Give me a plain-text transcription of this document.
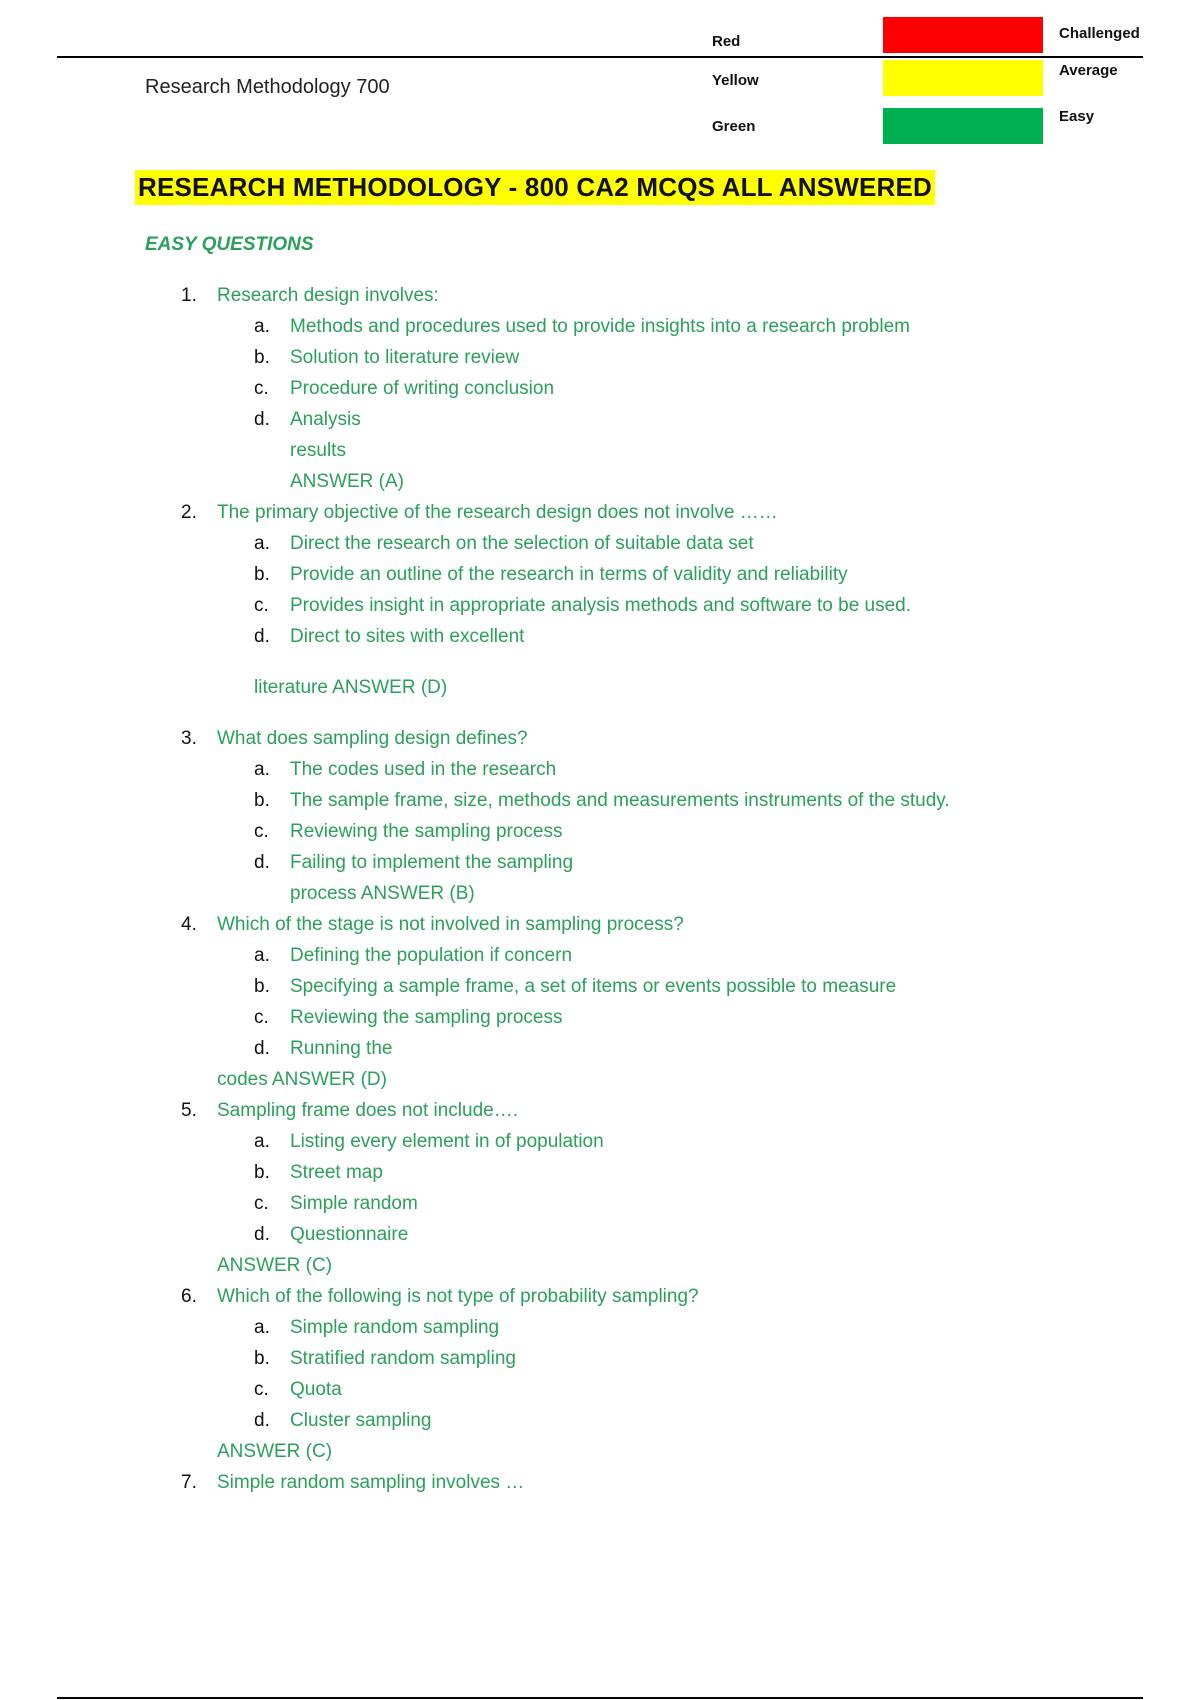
Research Methodology 700
Red	Challenged
Yellow
Average
Green
Easy
RESEARCH METHODOLOGY - 800 CA2 MCQS ALL ANSWERED
EASY QUESTIONS
1. Research design involves:
a. Methods and procedures used to provide insights into a research problem
b. Solution to literature review
c. Procedure of writing conclusion
d. Analysis
results
ANSWER (A)
2. The primary objective of the research design does not involve ……
a. Direct the research on the selection of suitable data set
b. Provide an outline of the research in terms of validity and reliability
c. Provides insight in appropriate analysis methods and software to be used.
d. Direct to sites with excellent
literature ANSWER (D)
3. What does sampling design defines?
a. The codes used in the research
b. The sample frame, size, methods and measurements instruments of the study.
c. Reviewing the sampling process
d. Failing to implement the sampling
process ANSWER (B)
4. Which of the stage is not involved in sampling process?
a. Defining the population if concern
b. Specifying a sample frame, a set of items or events possible to measure
c. Reviewing the sampling process
d. Running the
codes ANSWER (D)
5. Sampling frame does not include….
a. Listing every element in of population
b. Street map
c. Simple random
d. Questionnaire
ANSWER (C)
6. Which of the following is not type of probability sampling?
a. Simple random sampling
b. Stratified random sampling
c. Quota
d. Cluster sampling
ANSWER (C)
7. Simple random sampling involves …
